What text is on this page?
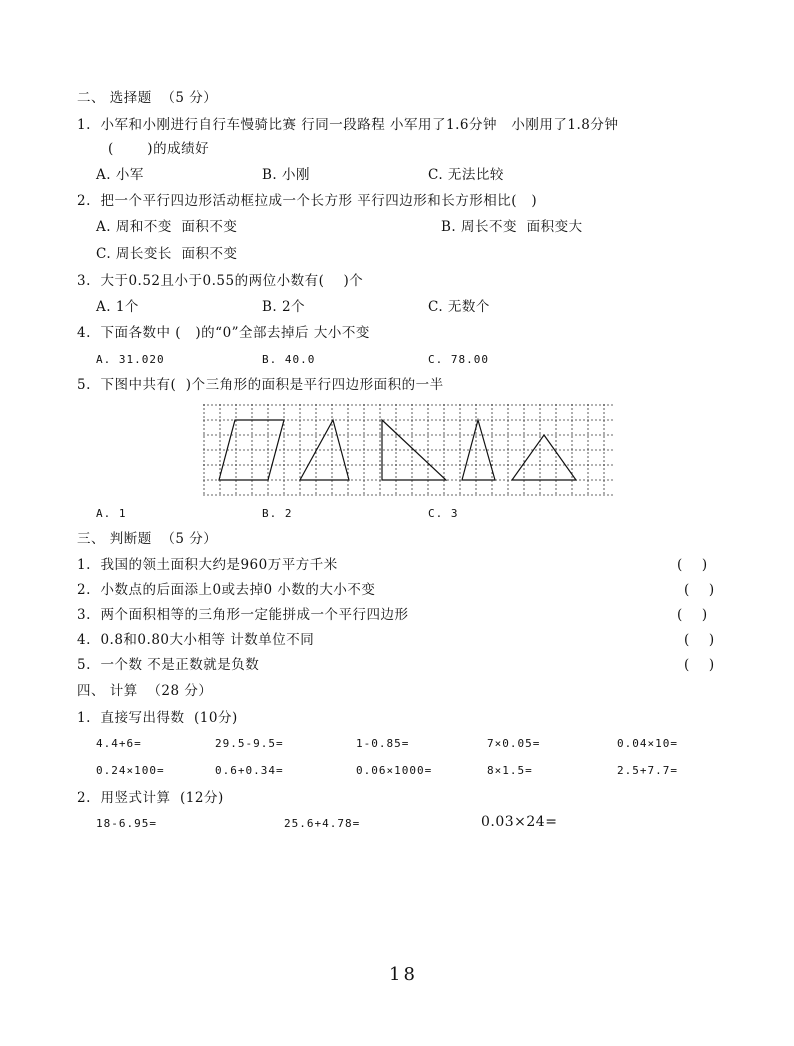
二、 选择题  （5 分）
1.  小军和小刚进行自行车慢骑比赛 行同一段路程 小军用了1.6分钟   小刚用了1.8分钟
(       )的成绩好
A. 小军	B. 小刚	C. 无法比较
2.  把一个平行四边形活动框拉成一个长方形 平行四边形和长方形相比(   )
A. 周和不变  面积不变	B. 周长不变  面积变大
C. 周长变长  面积不变
3.  大于0.52且小于0.55的两位小数有(    )个
A. 1个	B. 2个	C. 无数个
4.  下面各数中 (   )的“0”全部去掉后 大小不变
A. 31.020	B. 40.0	C. 78.00
5.  下图中共有(  )个三角形的面积是平行四边形面积的一半
A. 1	B. 2	C. 3
三、 判断题  （5 分）
1.  我国的领土面积大约是960万平方千米	(    )
2.  小数点的后面添上0或去掉0 小数的大小不变	(    )
3.  两个面积相等的三角形一定能拼成一个平行四边形	(    )
4.  0.8和0.80大小相等 计数单位不同	(    )
5.  一个数 不是正数就是负数	(    )
四、 计算  （28 分）
1.  直接写出得数  (10分)
4.4+6=	29.5-9.5=	1-0.85=	7×0.05=	0.04×10=
0.24×100=	0.6+0.34=	0.06×1000=	8×1.5=	2.5+7.7=
2.  用竖式计算  (12分)
18-6.95=	25.6+4.78=	0.03×24=
18
